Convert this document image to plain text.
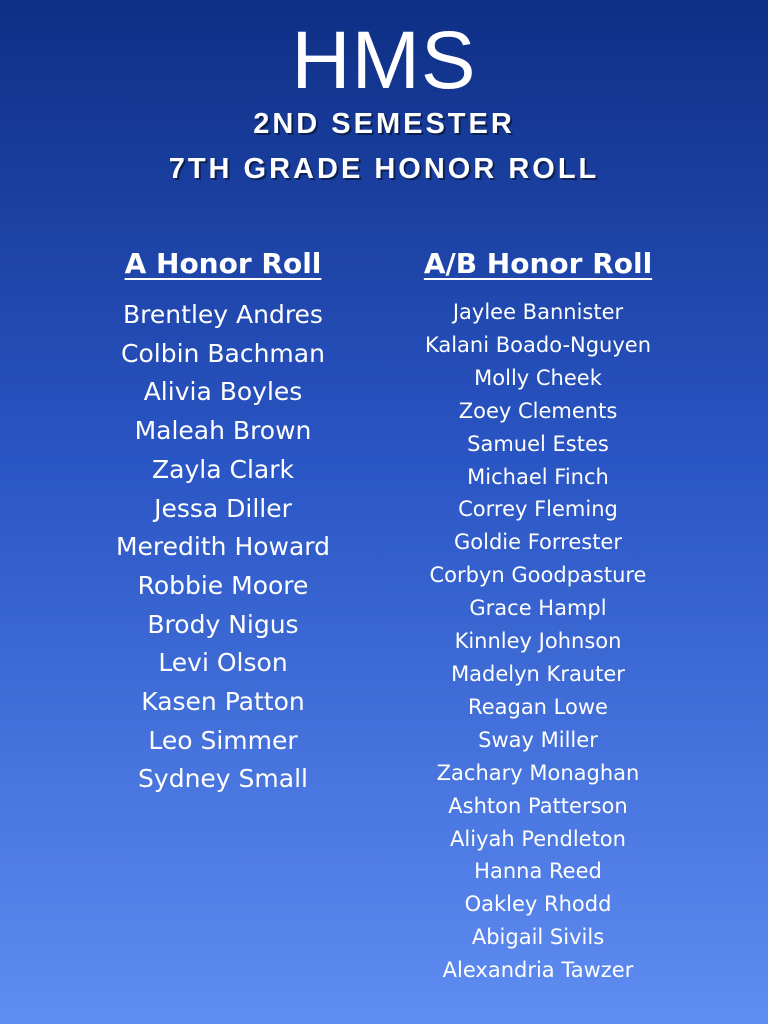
HMS
2ND SEMESTER
7TH GRADE HONOR ROLL
A Honor Roll
Brentley Andres
Colbin Bachman
Alivia Boyles
Maleah Brown
Zayla Clark
Jessa Diller
Meredith Howard
Robbie Moore
Brody Nigus
Levi Olson
Kasen Patton
Leo Simmer
Sydney Small
A/B Honor Roll
Jaylee Bannister
Kalani Boado-Nguyen
Molly Cheek
Zoey Clements
Samuel Estes
Michael Finch
Correy Fleming
Goldie Forrester
Corbyn Goodpasture
Grace Hampl
Kinnley Johnson
Madelyn Krauter
Reagan Lowe
Sway Miller
Zachary Monaghan
Ashton Patterson
Aliyah Pendleton
Hanna Reed
Oakley Rhodd
Abigail Sivils
Alexandria Tawzer
